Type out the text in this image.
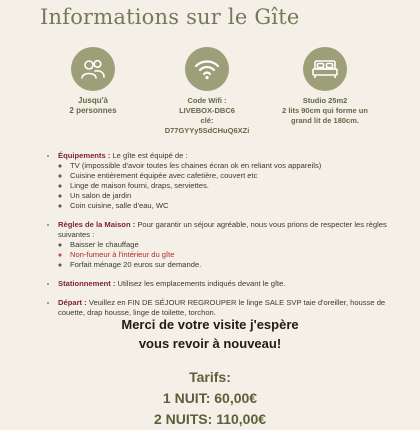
Informations sur le Gîte
Jusqu'à
2 personnes
Code Wifi :
LIVEBOX-DBC6
clé:
D77GYYy5SdCHuQ6XZi
Studio 25m2
2 lits 90cm qui forme un
grand lit de 180cm.
• Équipements : Le gîte est équipé de :
◦ TV (impossible d'avoir toutes les chaines écran ok en reliant vos appareils)
◦ Cuisine entièrement équipée avec cafetière, couvert etc
◦ Linge de maison fourni, draps, serviettes.
◦ Un salon de jardin
◦ Coin cuisine, salle d'eau, WC
• Règles de la Maison : Pour garantir un séjour agréable, nous vous prions de respecter les règles suivantes :
◦ Baisser le chauffage
◦ Non-fumeur à l'intérieur du gîte
◦ Forfait ménage 20 euros sur demande.
• Stationnement : Utilisez les emplacements indiqués devant le gîte.
• Départ : Veuillez en FIN DE SÉJOUR REGROUPER le linge SALE SVP taie d'oreiller, housse de couette, drap housse, linge de toilette, torchon.
Merci de votre visite j'espère
vous revoir à nouveau!
Tarifs:
1 NUIT: 60,00€
2 NUITS: 110,00€
